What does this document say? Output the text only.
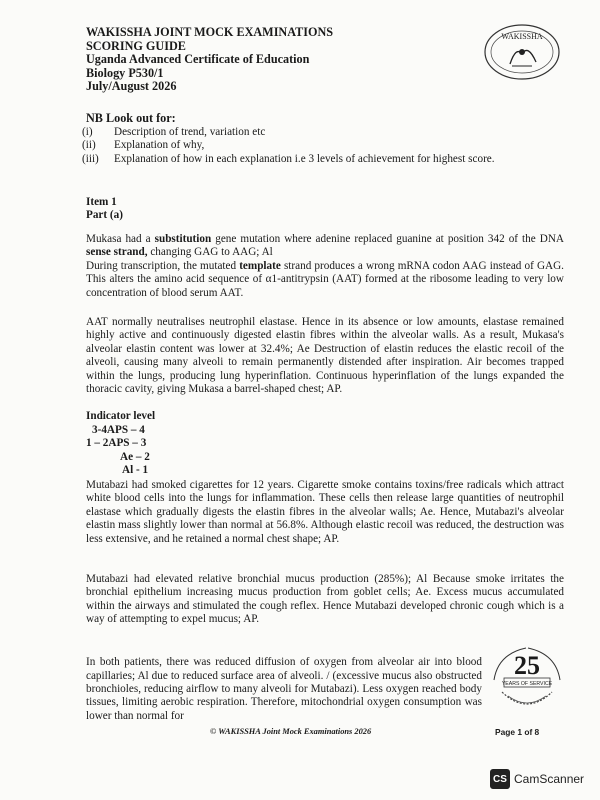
WAKISSHA JOINT MOCK EXAMINATIONS
SCORING GUIDE
Uganda Advanced Certificate of Education
Biology P530/1
July/August 2026
WAKISSHA
NB Look out for:
(i)	Description of trend, variation etc
(ii)	Explanation of why,
(iii)	Explanation of how in each explanation i.e 3 levels of achievement for highest score.
Item 1
Part (a)

Mukasa had a substitution gene mutation where adenine replaced guanine at position 342 of the DNA sense strand, changing GAG to AAG; Al

During transcription, the mutated template strand produces a wrong mRNA codon AAG instead of GAG. This alters the amino acid sequence of α1-antitrypsin (AAT) formed at the ribosome leading to very low concentration of blood serum AAT.

AAT normally neutralises neutrophil elastase. Hence in its absence or low amounts, elastase remained highly active and continuously digested elastin fibres within the alveolar walls. As a result, Mukasa's alveolar elastin content was lower at 32.4%; Ae Destruction of elastin reduces the elastic recoil of the alveoli, causing many alveoli to remain permanently distended after inspiration. Air becomes trapped within the lungs, producing lung hyperinflation. Continuous hyperinflation of the lungs expanded the thoracic cavity, giving Mukasa a barrel-shaped chest; AP.

Indicator level
3-4APS – 4
1 – 2APS – 3
Ae – 2
Al - 1

Mutabazi had smoked cigarettes for 12 years. Cigarette smoke contains toxins/free radicals which attract white blood cells into the lungs for inflammation. These cells then release large quantities of neutrophil elastase which gradually digests the elastin fibres in the alveolar walls; Ae. Hence, Mutabazi's alveolar elastin mass slightly lower than normal at 56.8%. Although elastic recoil was reduced, the destruction was less extensive, and he retained a normal chest shape; AP.

Mutabazi had elevated relative bronchial mucus production (285%); Al Because smoke irritates the bronchial epithelium increasing mucus production from goblet cells; Ae. Excess mucus accumulated within the airways and stimulated the cough reflex. Hence Mutabazi developed chronic cough which is a way of attempting to expel mucus; AP.

In both patients, there was reduced diffusion of oxygen from alveolar air into blood capillaries; Al due to reduced surface area of alveoli. / (excessive mucus also obstructed bronchioles, reducing airflow to many alveoli for Mutabazi). Less oxygen reached body tissues, limiting aerobic respiration. Therefore, mitochondrial oxygen consumption was lower than normal for

25
YEARS OF SERVICE
© WAKISSHA Joint Mock Examinations 2026	Page 1 of 8
CS CamScanner
